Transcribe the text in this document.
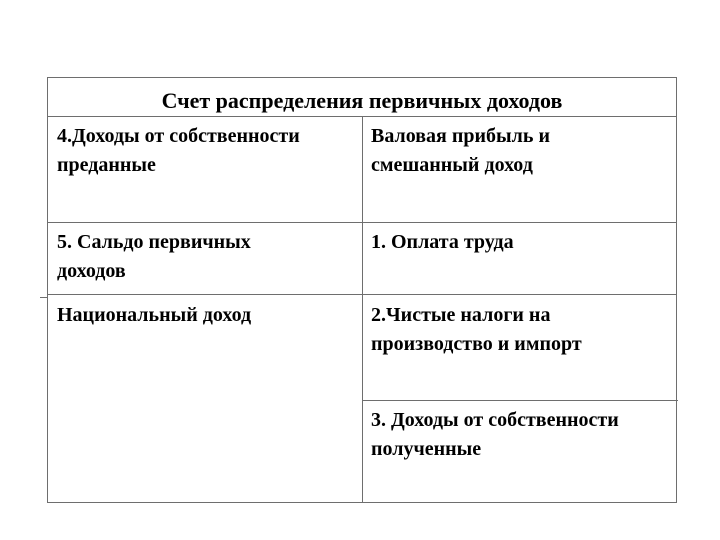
Счет распределения первичных доходов
4.Доходы от собственности
преданные
Валовая прибыль и
смешанный доход
5. Сальдо первичных
доходов
1. Оплата труда
Национальный доход	2.Чистые налоги на
производство и импорт
3. Доходы от собственности
полученные
